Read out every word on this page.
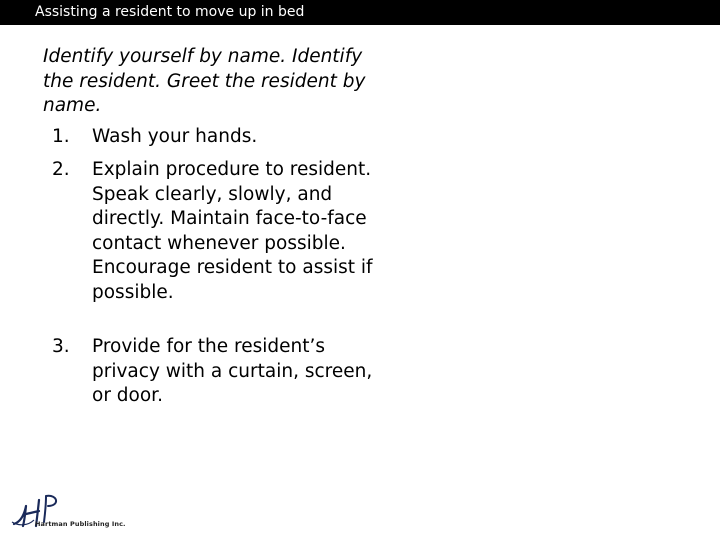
Assisting a resident to move up in bed
Identify yourself by name. Identify the resident. Greet the resident by name.
1. Wash your hands.
2. Explain procedure to resident. Speak clearly, slowly, and directly. Maintain face-to-face contact whenever possible. Encourage resident to assist if possible.
3. Provide for the resident’s privacy with a curtain, screen, or door.
Hartman Publishing Inc.
